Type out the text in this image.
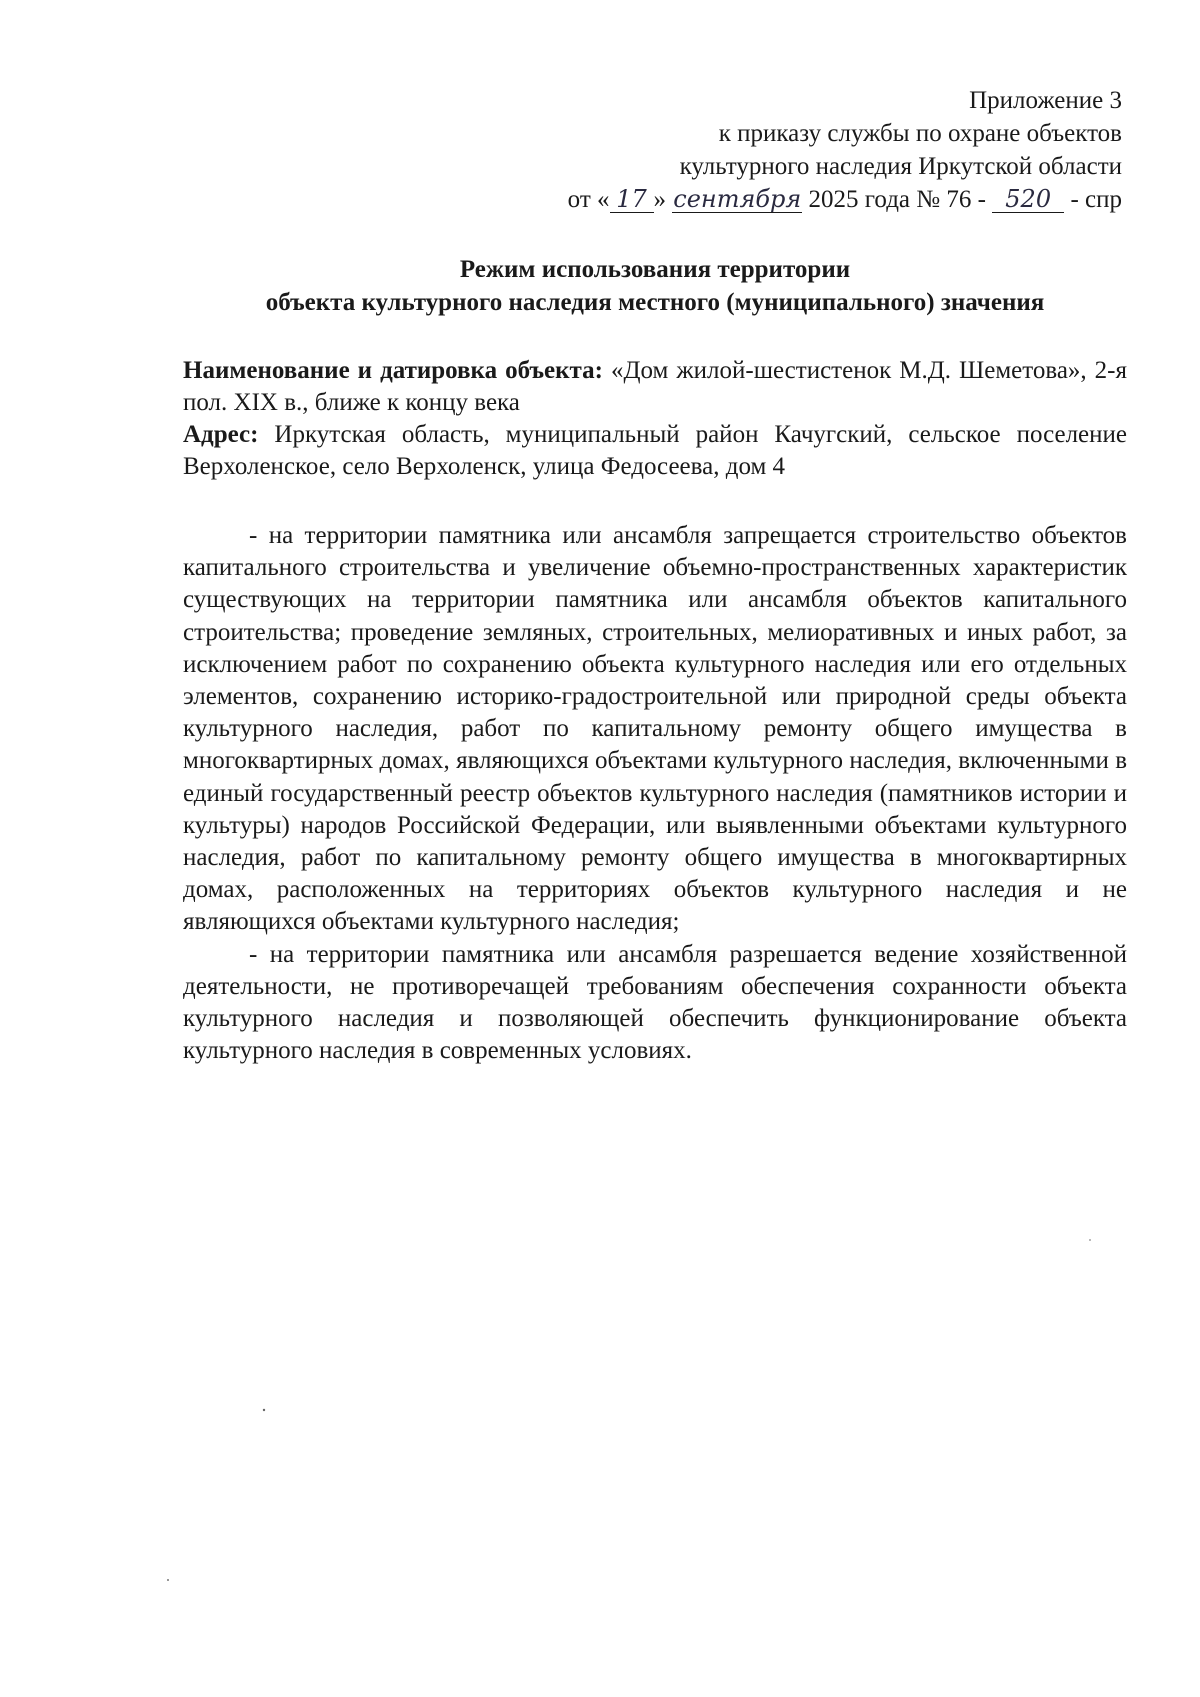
Приложение 3
к приказу службы по охране объектов
культурного наследия Иркутской области
от « 17 » сентября 2025 года № 76 - 520 - спр
Режим использования территории
объекта культурного наследия местного (муниципального) значения

Наименование и датировка объекта: «Дом жилой-шестистенок М.Д. Шеметова», 2-я пол. XIX в., ближе к концу века

Адрес: Иркутская область, муниципальный район Качугский, сельское поселение Верхоленское, село Верхоленск, улица Федосеева, дом 4

- на территории памятника или ансамбля запрещается строительство объектов капитального строительства и увеличение объемно-пространственных характеристик существующих на территории памятника или ансамбля объектов капитального строительства; проведение земляных, строительных, мелиоративных и иных работ, за исключением работ по сохранению объекта культурного наследия или его отдельных элементов, сохранению историко-градостроительной или природной среды объекта культурного наследия, работ по капитальному ремонту общего имущества в многоквартирных домах, являющихся объектами культурного наследия, включенными в единый государственный реестр объектов культурного наследия (памятников истории и культуры) народов Российской Федерации, или выявленными объектами культурного наследия, работ по капитальному ремонту общего имущества в многоквартирных домах, расположенных на территориях объектов культурного наследия и не являющихся объектами культурного наследия;

- на территории памятника или ансамбля разрешается ведение хозяйственной деятельности, не противоречащей требованиям обеспечения сохранности объекта культурного наследия и позволяющей обеспечить функционирование объекта культурного наследия в современных условиях.
